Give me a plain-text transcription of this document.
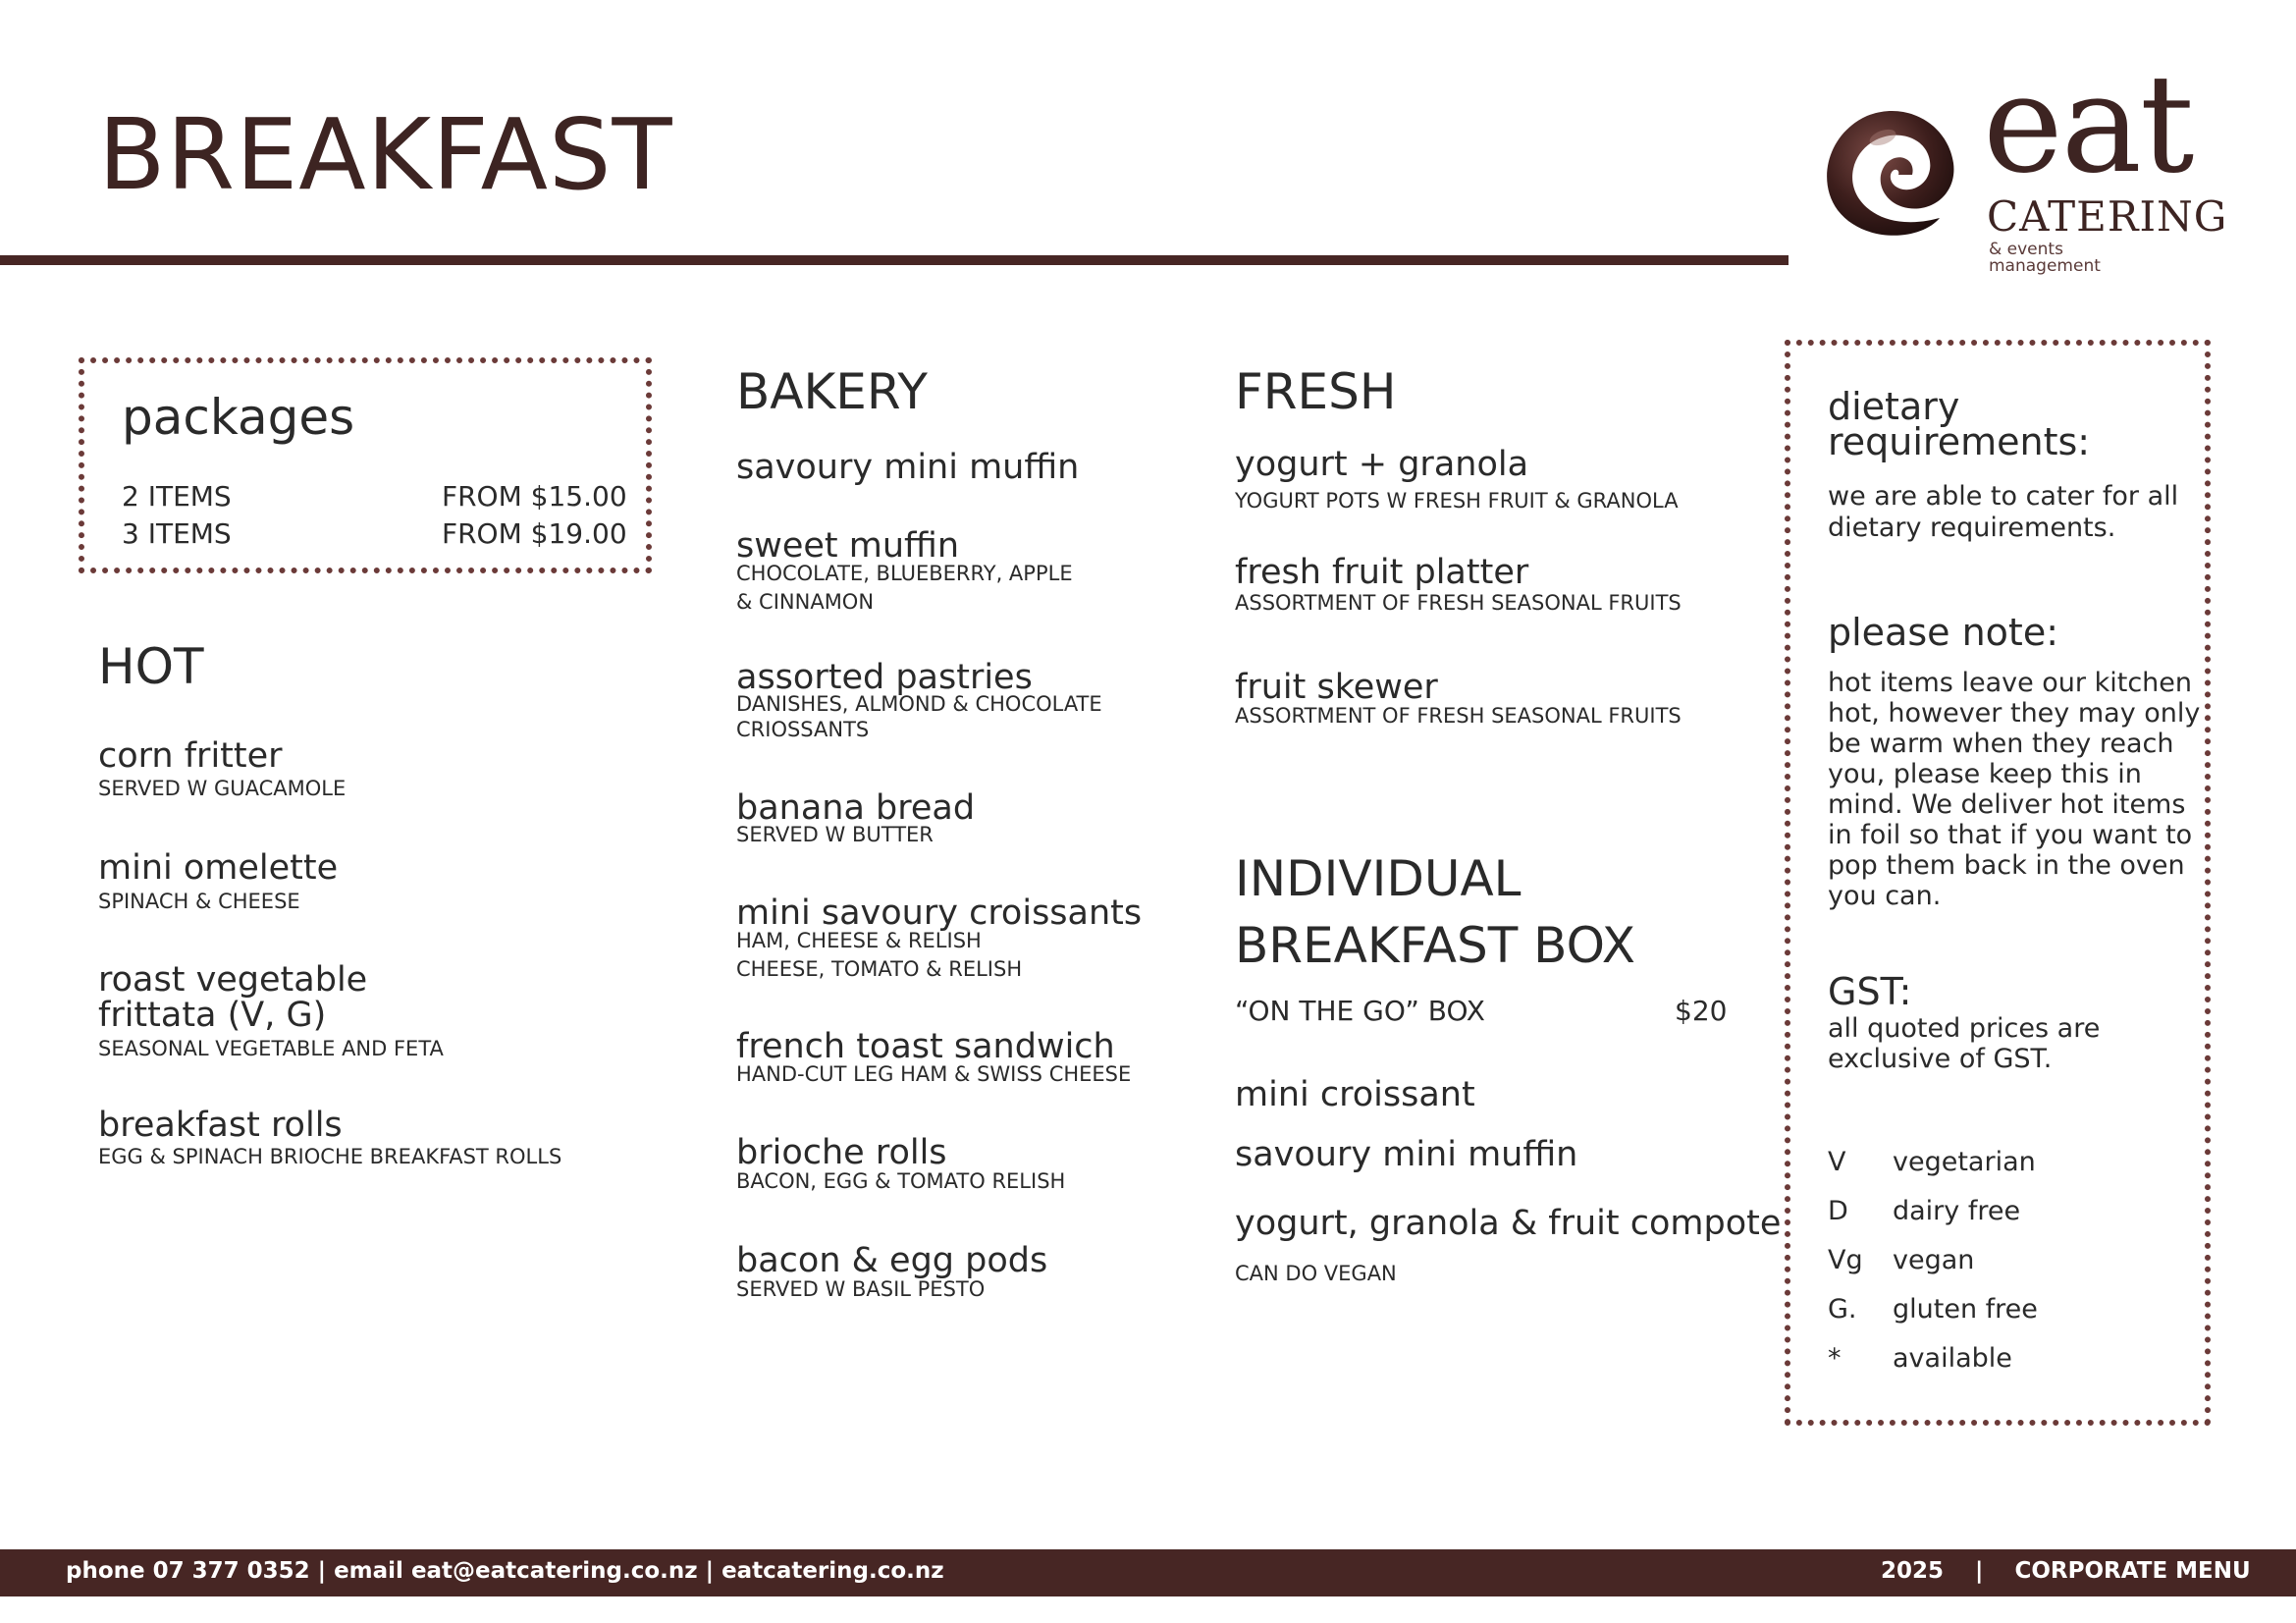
BREAKFAST	eat
CATERING
& events management
packages
2 ITEMS	FROM $15.00
3 ITEMS	FROM $19.00
HOT
corn fritter
SERVED W GUACAMOLE
mini omelette
SPINACH & CHEESE
roast vegetable
frittata (V, G)
SEASONAL VEGETABLE AND FETA
breakfast rolls
EGG & SPINACH BRIOCHE BREAKFAST ROLLS
BAKERY
savoury mini muffin
sweet muffin
CHOCOLATE, BLUEBERRY, APPLE
& CINNAMON
assorted pastries
DANISHES, ALMOND & CHOCOLATE
CRIOSSANTS
banana bread
SERVED W BUTTER
mini savoury croissants
HAM, CHEESE & RELISH
CHEESE, TOMATO & RELISH
french toast sandwich
HAND-CUT LEG HAM & SWISS CHEESE
brioche rolls
BACON, EGG & TOMATO RELISH
bacon & egg pods
SERVED W BASIL PESTO
FRESH
yogurt + granola
YOGURT POTS W FRESH FRUIT & GRANOLA
fresh fruit platter
ASSORTMENT OF FRESH SEASONAL FRUITS
fruit skewer
ASSORTMENT OF FRESH SEASONAL FRUITS
INDIVIDUAL
BREAKFAST BOX
“ON THE GO” BOX	$20
mini croissant
savoury mini muffin
yogurt, granola & fruit compote
CAN DO VEGAN
dietary
requirements:
we are able to cater for all
dietary requirements.
please note:
hot items leave our kitchen
hot, however they may only
be warm when they reach
you, please keep this in
mind. We deliver hot items
in foil so that if you want to
pop them back in the oven
you can.
GST:
all quoted prices are
exclusive of GST.
V vegetarian
D dairy free
Vg vegan
G. gluten free
* available
phone 07 377 0352 | email eat@eatcatering.co.nz | eatcatering.co.nz	2025    |    CORPORATE MENU
